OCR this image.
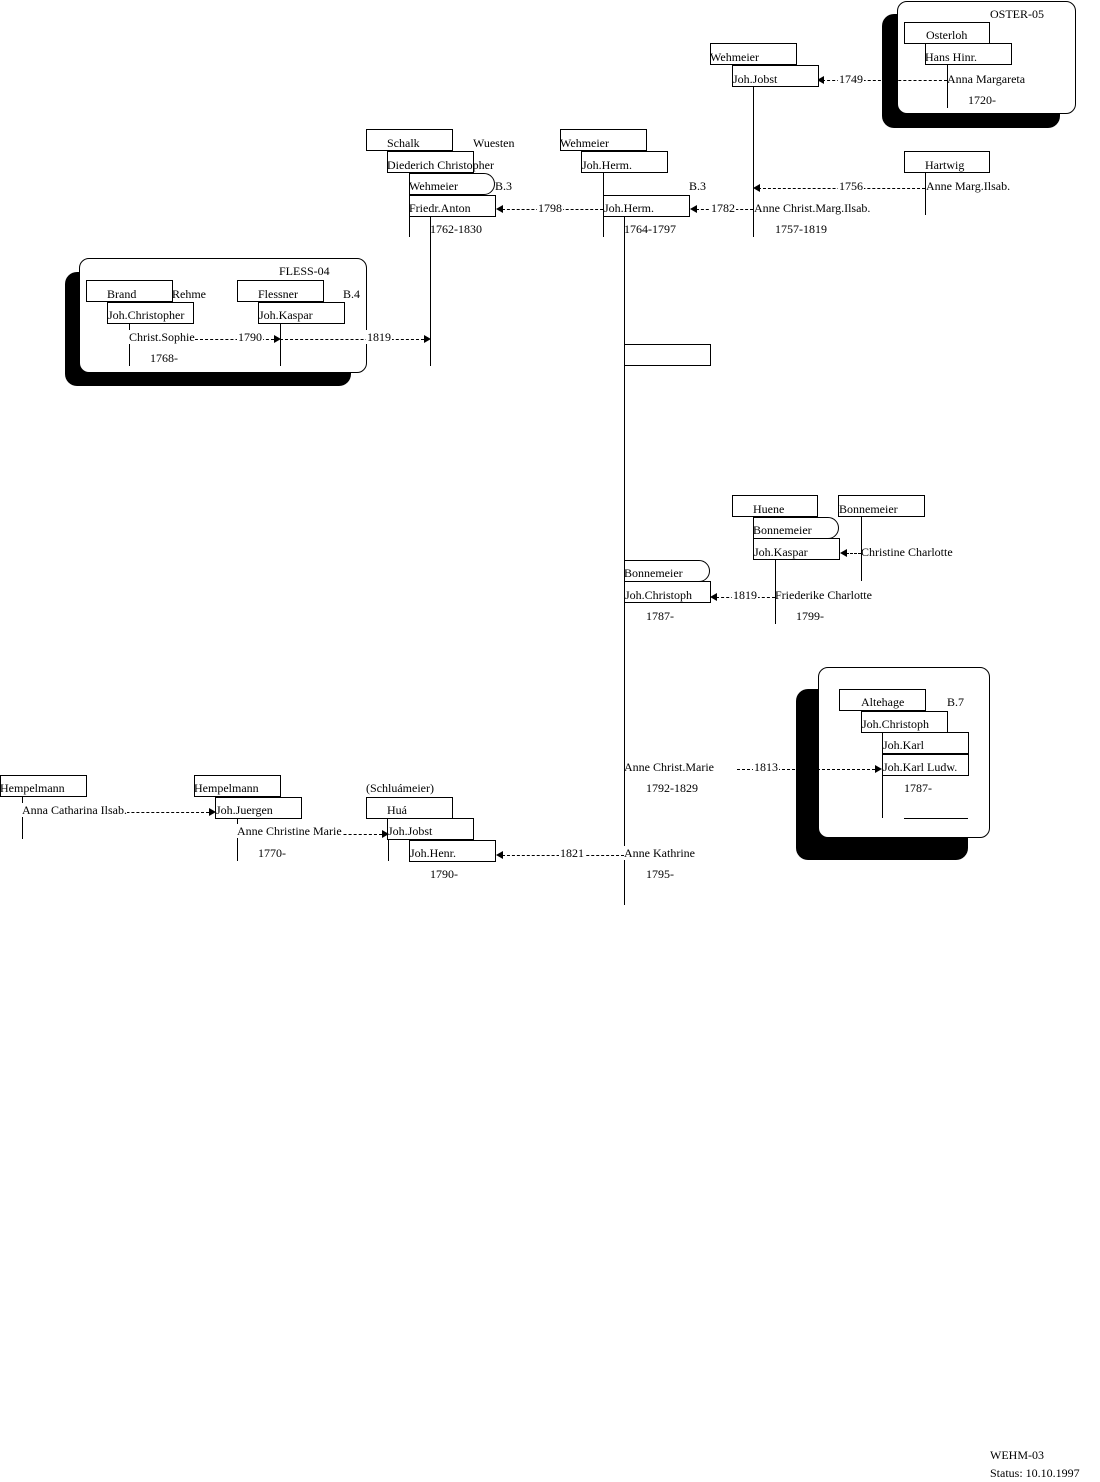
OSTER-05
FLESS-04
Osterloh
Hans Hinr.
Anna Margareta
1720-
Wehmeier
Joh.Jobst	1749
Hartwig
Anne Marg.Ilsab.
1756
Schalk	Wuesten
Diederich Christopher
Wehmeier	B.3
Friedr.Anton
1762-1830
1798
Wehmeier
Joh.Herm.
B.3
Joh.Herm.
1764-1797
1782 Anne Christ.Marg.Ilsab.
1757-1819
Brand	Rehme	Flessner	B.4
Joh.Christopher	Joh.Kaspar
Christ.Sophie	1790	1819
1768-
Huene	Bonnemeier
Bonnemeier
Joh.Kaspar	Christine Charlotte
Friederike Charlotte
1799-
1819
Bonnemeier
Joh.Christoph
1787-
Altehage	B.7
Joh.Christoph
Joh.Karl
Joh.Karl Ludw.
1787-
Anne Christ.Marie	1813
1792-1829
Hempelmann
Anna Catharina Ilsab.
Hempelmann
Joh.Juergen
Anne Christine Marie
1770-
(Schluámeier)
Huá
Joh.Jobst
Joh.Henr.
1790-
1821	Anne Kathrine
1795-
WEHM-03
Status: 10.10.1997
